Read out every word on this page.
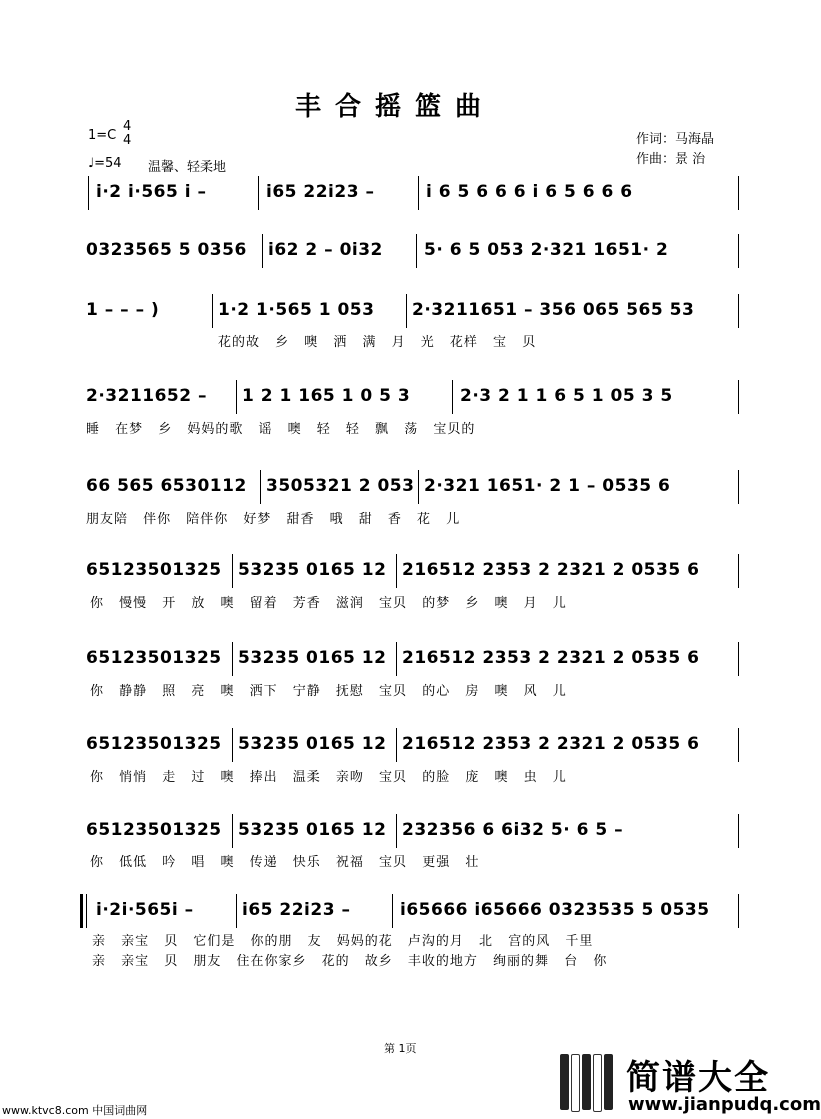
丰合摇篮曲
1=C
4
4
♩=54 温馨、轻柔地
作词：马海晶
作曲：景 治
i·2 i·565 i –	i65 22i23 –	i 6 5 6 6 6 i 6 5 6 6 6
0323565 5 0356 i62 2 – 0i32 5· 6 5 053 2·321 1651· 2
1 – – – )	1·2 1·565 1 053 2·3211651 – 356 065 565 53
花的故 乡 噢 洒 满 月 光 花样 宝 贝
2·3211652 – 1 2 1 165 1 0 5 3	2·3 2 1 1 6 5 1 05 3 5
睡 在梦 乡 妈妈的歌 谣 噢 轻 轻 飘 荡 宝贝的
66 565 6530112 3505321 2 053 2·321 1651· 2 1 – 0535 6
朋友陪 伴你 陪伴你 好梦 甜香 哦 甜 香 花 儿
65123501325 53235 0165 12 216512 2353 2 2321 2 0535 6
你 慢慢 开 放 噢 留着 芳香 滋润 宝贝 的梦 乡 噢 月 儿
65123501325 53235 0165 12 216512 2353 2 2321 2 0535 6
你 静静 照 亮 噢 洒下 宁静 抚慰 宝贝 的心 房 噢 风 儿
65123501325 53235 0165 12 216512 2353 2 2321 2 0535 6
你 悄悄 走 过 噢 捧出 温柔 亲吻 宝贝 的脸 庞 噢 虫 儿
65123501325 53235 0165 12 232356 6 6i32 5· 6 5 –
你 低低 吟 唱 噢 传递 快乐 祝福 宝贝 更强 壮
i·2i·565i –	i65 22i23 –	i65666 i65666 0323535 5 0535
亲 亲宝 贝 它们是 你的朋 友 妈妈的花 卢沟的月 北 宫的风 千里
亲 亲宝 贝 朋友 住在你家乡 花的 故乡 丰收的地方 绚丽的舞 台 你
第 1页
www.ktvc8.com 中国词曲网
简谱大全
www.jianpudq.com
